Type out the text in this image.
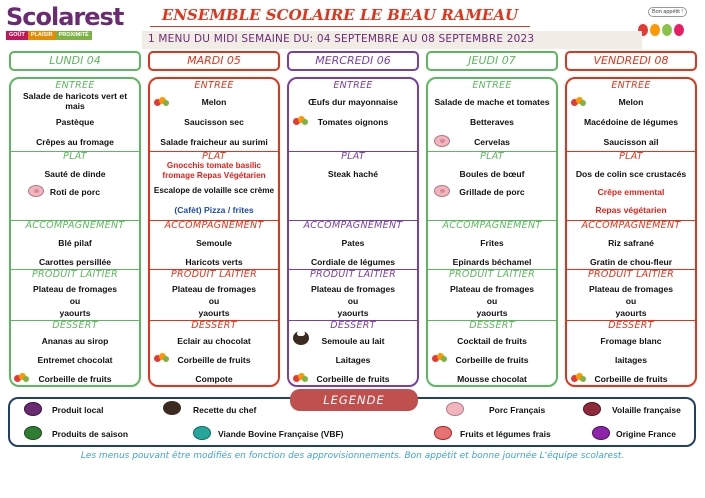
Scolarest
GOÛT	PLAISIR	PROXIMITÉ
ENSEMBLE SCOLAIRE LE BEAU RAMEAU	Bon appétit !
1 MENU DU MIDI SEMAINE DU: 04 SEPTEMBRE AU 08 SEPTEMBRE 2023
LUNDI 04	MARDI 05	MERCREDI 06	JEUDI 07	VENDREDI 08
ENTREE
Salade de haricots vert et mais
Pastèque
Crêpes au fromage
PLAT
Sauté de dinde
Roti de porc
ACCOMPAGNEMENT
Blé pilaf
Carottes persillée
PRODUIT LAITIER
Plateau de fromages
ou
yaourts
DESSERT
Ananas au sirop
Entremet chocolat
Corbeille de fruits
ENTREE
Melon
Saucisson sec
Salade fraicheur au surimi
PLAT
Gnocchis tomate basilic fromage Repas Végétarien
Escalope de volaille sce crème
(Cafèt) Pizza / frites
ACCOMPAGNEMENT
Semoule
Haricots verts
PRODUIT LAITIER
Plateau de fromages
ou
yaourts
DESSERT
Eclair au chocolat
Corbeille de fruits
Compote
ENTREE
Œufs dur mayonnaise
Tomates oignons
PLAT
Steak haché
ACCOMPAGNEMENT
Pates
Cordiale de légumes
PRODUIT LAITIER
Plateau de fromages
ou
yaourts
DESSERT
Semoule au lait
Laitages
Corbeille de fruits
ENTREE
Salade de mache et tomates
Betteraves
Cervelas
PLAT
Boules de bœuf
Grillade de porc
ACCOMPAGNEMENT
Frites
Epinards béchamel
PRODUIT LAITIER
Plateau de fromages
ou
yaourts
DESSERT
Cocktail de fruits
Corbeille de fruits
Mousse chocolat
ENTREE
Melon
Macédoine de légumes
Saucisson ail
PLAT
Dos de colin sce crustacés
Crêpe emmental
Repas végétarien
ACCOMPAGNEMENT
Riz safrané
Gratin de chou-fleur
PRODUIT LAITIER
Plateau de fromages
ou
yaourts
DESSERT
Fromage blanc
laitages
Corbeille de fruits
LEGENDE
Produit local	Recette du chef	Porc Français	Volaille française
Produits de saison	Viande Bovine Française (VBF)	Fruits et légumes frais	Origine France
Les menus pouvant être modifiés en fonction des approvisionnements. Bon appétit et bonne journée L'équipe scolarest.
